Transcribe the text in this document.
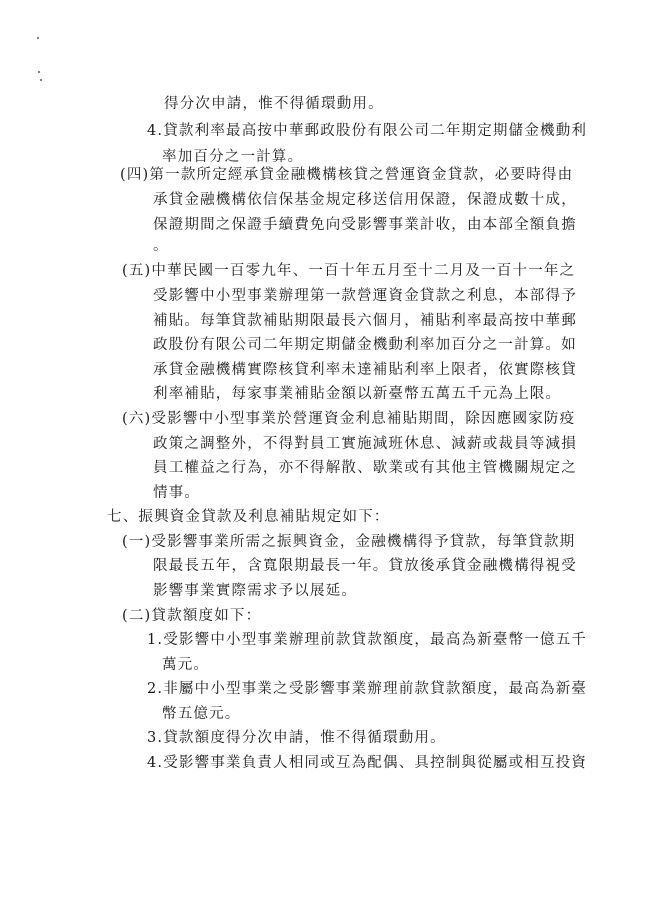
得分次申請，惟不得循環動用。
4.貸款利率最高按中華郵政股份有限公司二年期定期儲金機動利
率加百分之一計算。
(四)第一款所定經承貸金融機構核貸之營運資金貸款，必要時得由
承貸金融機構依信保基金規定移送信用保證，保證成數十成，
保證期間之保證手續費免向受影響事業計收，由本部全額負擔
。
(五)中華民國一百零九年、一百十年五月至十二月及一百十一年之
受影響中小型事業辦理第一款營運資金貸款之利息，本部得予
補貼。每筆貸款補貼期限最長六個月，補貼利率最高按中華郵
政股份有限公司二年期定期儲金機動利率加百分之一計算。如
承貸金融機構實際核貸利率未達補貼利率上限者，依實際核貸
利率補貼，每家事業補貼金額以新臺幣五萬五千元為上限。
(六)受影響中小型事業於營運資金利息補貼期間，除因應國家防疫
政策之調整外，不得對員工實施減班休息、減薪或裁員等減損
員工權益之行為，亦不得解散、歇業或有其他主管機關規定之
情事。
七、振興資金貸款及利息補貼規定如下：
(一)受影響事業所需之振興資金，金融機構得予貸款，每筆貸款期
限最長五年，含寬限期最長一年。貸放後承貸金融機構得視受
影響事業實際需求予以展延。
(二)貸款額度如下：
1.受影響中小型事業辦理前款貸款額度，最高為新臺幣一億五千
萬元。
2.非屬中小型事業之受影響事業辦理前款貸款額度，最高為新臺
幣五億元。
3.貸款額度得分次申請，惟不得循環動用。
4.受影響事業負責人相同或互為配偶、具控制與從屬或相互投資
